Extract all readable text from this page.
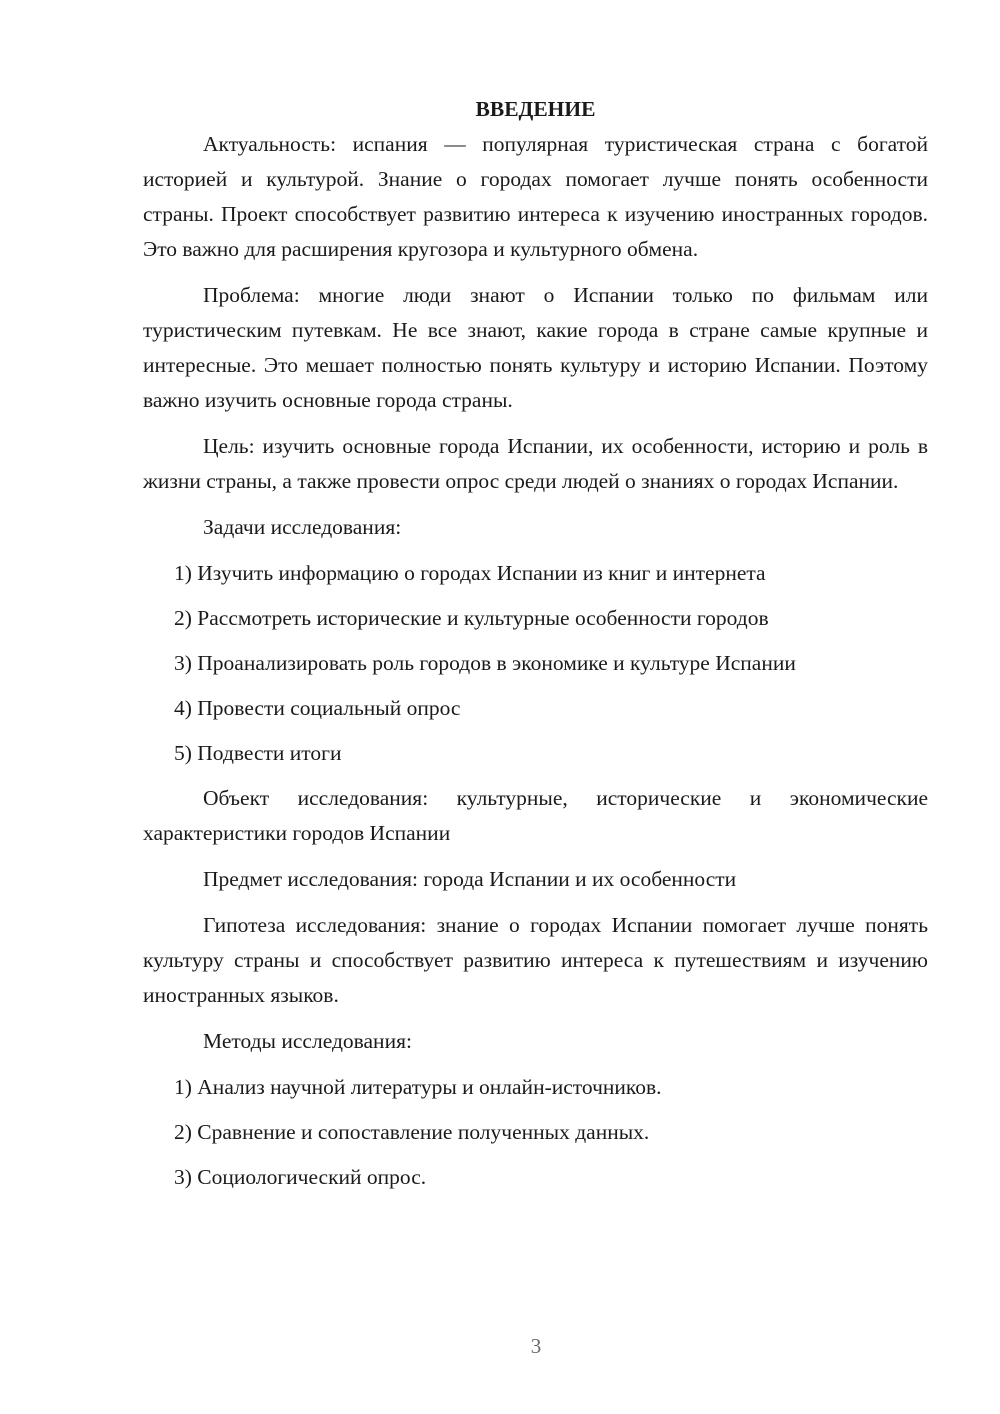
ВВЕДЕНИЕ

Актуальность: испания — популярная туристическая страна с богатой историей и культурой. Знание о городах помогает лучше понять особенности страны. Проект способствует развитию интереса к изучению иностранных городов. Это важно для расширения кругозора и культурного обмена.

Проблема: многие люди знают о Испании только по фильмам или туристическим путевкам. Не все знают, какие города в стране самые крупные и интересные. Это мешает полностью понять культуру и историю Испании. Поэтому важно изучить основные города страны.

Цель: изучить основные города Испании, их особенности, историю и роль в жизни страны, а также провести опрос среди людей о знаниях о городах Испании.

Задачи исследования:

1) Изучить информацию о городах Испании из книг и интернета

2) Рассмотреть исторические и культурные особенности городов

3) Проанализировать роль городов в экономике и культуре Испании

4) Провести социальный опрос

5) Подвести итоги

Объект исследования: культурные, исторические и экономические характеристики городов Испании

Предмет исследования: города Испании и их особенности

Гипотеза исследования: знание о городах Испании помогает лучше понять культуру страны и способствует развитию интереса к путешествиям и изучению иностранных языков.

Методы исследования:

1) Анализ научной литературы и онлайн-источников.

2) Сравнение и сопоставление полученных данных.

3) Социологический опрос.

3
